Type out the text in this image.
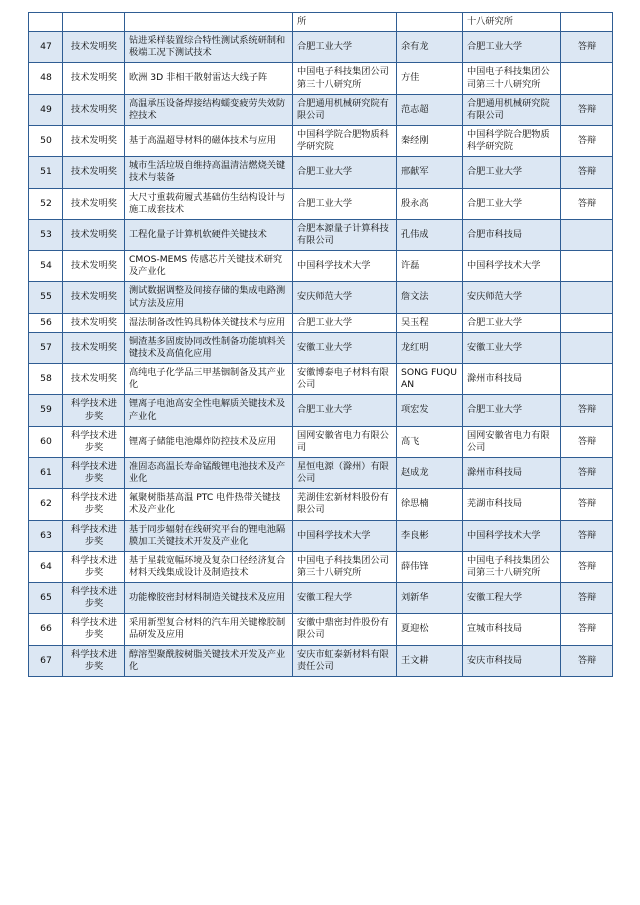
			所		十八研究所	
47	技术发明奖	钻进采样装置综合特性测试系统研制和极端工况下测试技术	合肥工业大学	余有龙	合肥工业大学	答辩
48	技术发明奖	欧洲 3D 非相干散射雷达大线子阵	中国电子科技集团公司第三十八研究所	方佳	中国电子科技集团公司第三十八研究所	
49	技术发明奖	高温承压设备焊接结构蠕变疲劳失效防控技术	合肥通用机械研究院有限公司	范志超	合肥通用机械研究院有限公司	答辩
50	技术发明奖	基于高温超导材料的磁体技术与应用	中国科学院合肥物质科学研究院	秦经刚	中国科学院合肥物质科学研究院	答辩
51	技术发明奖	城市生活垃圾自维持高温清洁燃烧关键技术与装备	合肥工业大学	邢献军	合肥工业大学	答辩
52	技术发明奖	大尺寸重载荷履式基础仿生结构设计与施工成套技术	合肥工业大学	殷永高	合肥工业大学	答辩
53	技术发明奖	工程化量子计算机软硬件关键技术	合肥本源量子计算科技有限公司	孔伟成	合肥市科技局	
54	技术发明奖	CMOS-MEMS 传感芯片关键技术研究及产业化	中国科学技术大学	许磊	中国科学技术大学	
55	技术发明奖	测试数据调整及间接存储的集成电路测试方法及应用	安庆师范大学	詹文法	安庆师范大学	
56	技术发明奖	湿法制备改性钨具粉体关键技术与应用	合肥工业大学	吴玉程	合肥工业大学	
57	技术发明奖	铜渣基多固废协同改性制备功能填料关键技术及高值化应用	安徽工业大学	龙红明	安徽工业大学	
58	技术发明奖	高纯电子化学品三甲基铟制备及其产业化	安徽博泰电子材料有限公司	SONG FUQUAN	滁州市科技局	
59	科学技术进步奖	锂离子电池高安全性电解质关键技术及产业化	合肥工业大学	项宏发	合肥工业大学	答辩
60	科学技术进步奖	锂离子储能电池爆炸防控技术及应用	国网安徽省电力有限公司	高飞	国网安徽省电力有限公司	答辩
61	科学技术进步奖	准固态高温长寿命锰酸锂电池技术及产业化	星恒电源（滁州）有限公司	赵成龙	滁州市科技局	答辩
62	科学技术进步奖	氟聚树脂基高温 PTC 电件热带关键技术及产业化	芜湖佳宏新材料股份有限公司	徐思楠	芜湖市科技局	答辩
63	科学技术进步奖	基于同步辐射在线研究平台的锂电池隔膜加工关键技术开发及产业化	中国科学技术大学	李良彬	中国科学技术大学	答辩
64	科学技术进步奖	基于星载宽幅环境及复杂口径经济复合材料天线集成设计及制造技术	中国电子科技集团公司第三十八研究所	薛伟锋	中国电子科技集团公司第三十八研究所	答辩
65	科学技术进步奖	功能橡胶密封材料制造关键技术及应用	安徽工程大学	刘新华	安徽工程大学	答辩
66	科学技术进步奖	采用新型复合材料的汽车用关键橡胶制品研发及应用	安徽中鼎密封件股份有限公司	夏迎松	宣城市科技局	答辩
67	科学技术进步奖	醇溶型聚酰胺树脂关键技术开发及产业化	安庆市虹泰新材料有限责任公司	王文耕	安庆市科技局	答辩
